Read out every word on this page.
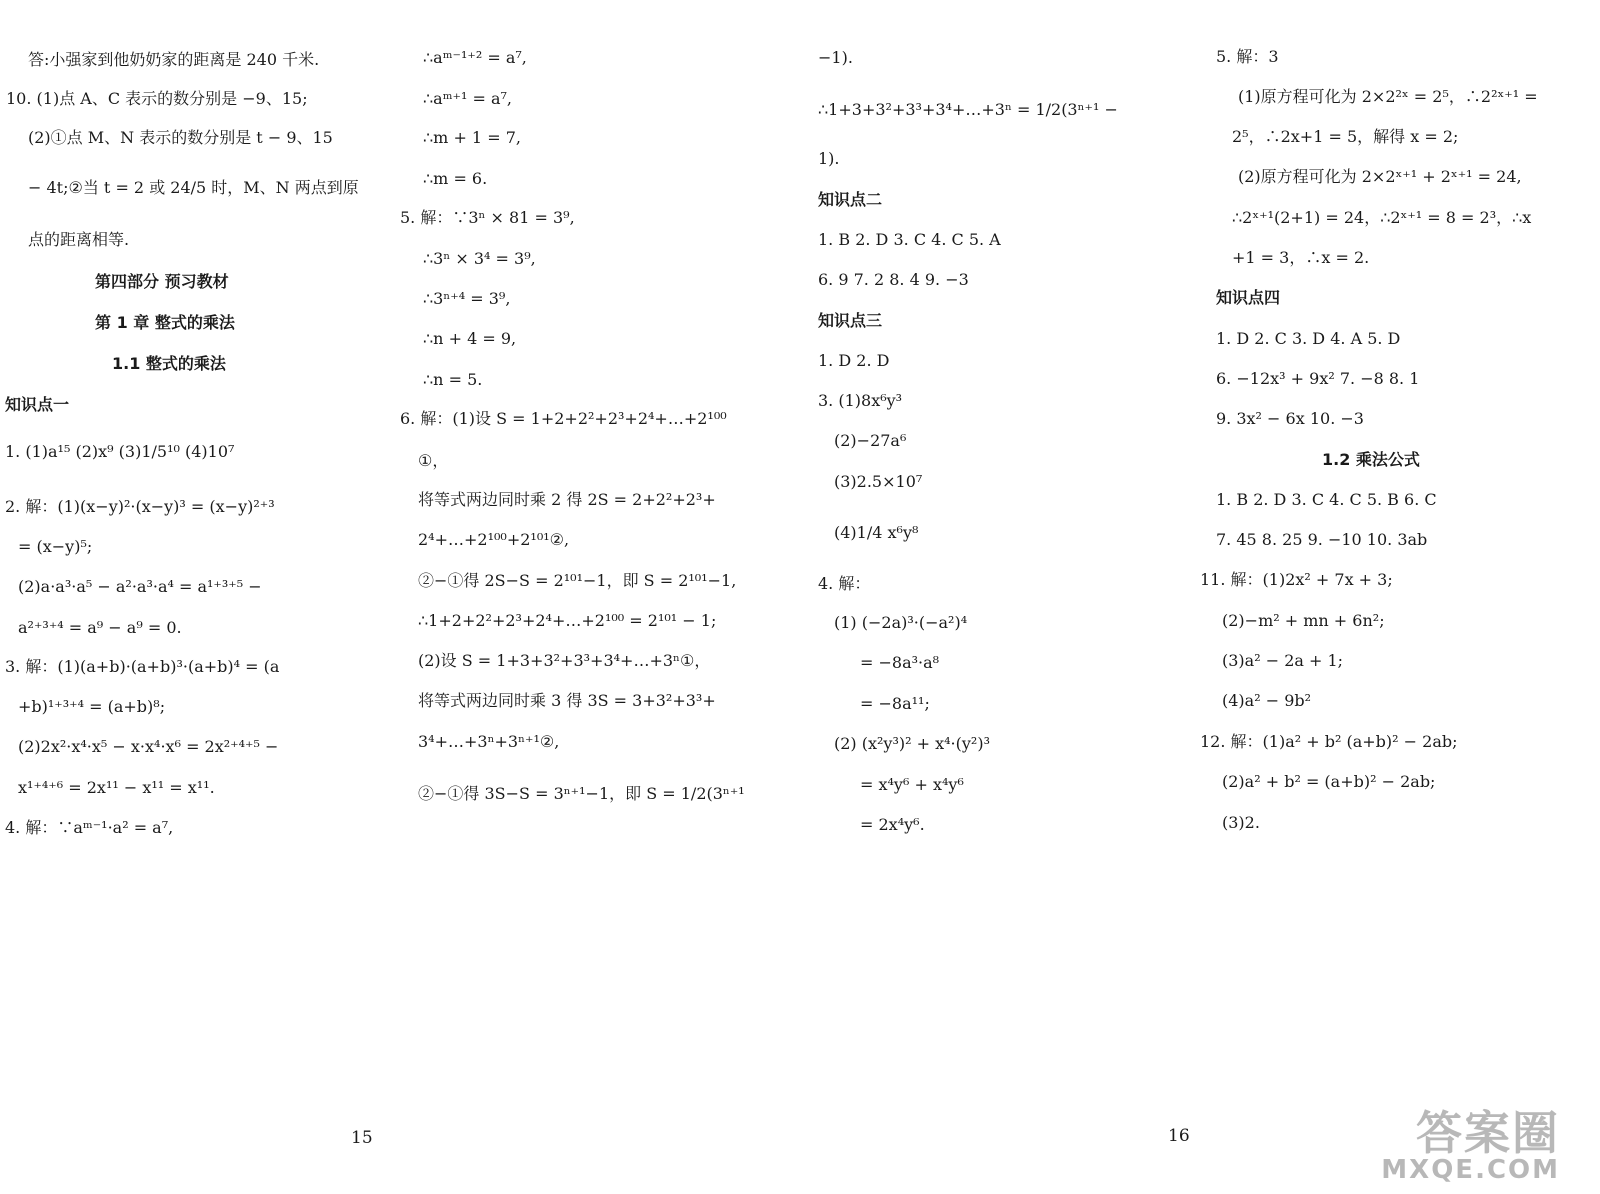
答:小强家到他奶奶家的距离是 240 千米.
10. (1)点 A、C 表示的数分别是 −9、15;
(2)①点 M、N 表示的数分别是 t − 9、15
− 4t;②当 t = 2 或 24/5 时，M、N 两点到原
点的距离相等.
第四部分 预习教材
第 1 章 整式的乘法
1.1 整式的乘法
知识点一
1. (1)a¹⁵ (2)x⁹ (3)1/5¹⁰ (4)10⁷
2. 解：(1)(x−y)²·(x−y)³ = (x−y)²⁺³
= (x−y)⁵;
(2)a·a³·a⁵ − a²·a³·a⁴ = a¹⁺³⁺⁵ −
a²⁺³⁺⁴ = a⁹ − a⁹ = 0.
3. 解：(1)(a+b)·(a+b)³·(a+b)⁴ = (a
+b)¹⁺³⁺⁴ = (a+b)⁸;
(2)2x²·x⁴·x⁵ − x·x⁴·x⁶ = 2x²⁺⁴⁺⁵ −
x¹⁺⁴⁺⁶ = 2x¹¹ − x¹¹ = x¹¹.
4. 解：∵aᵐ⁻¹·a² = a⁷,
∴aᵐ⁻¹⁺² = a⁷,
∴aᵐ⁺¹ = a⁷,
∴m + 1 = 7,
∴m = 6.
5. 解：∵3ⁿ × 81 = 3⁹,
∴3ⁿ × 3⁴ = 3⁹,
∴3ⁿ⁺⁴ = 3⁹,
∴n + 4 = 9,
∴n = 5.
6. 解：(1)设 S = 1+2+2²+2³+2⁴+…+2¹⁰⁰
①，
将等式两边同时乘 2 得 2S = 2+2²+2³+
2⁴+…+2¹⁰⁰+2¹⁰¹②,
②−①得 2S−S = 2¹⁰¹−1，即 S = 2¹⁰¹−1,
∴1+2+2²+2³+2⁴+…+2¹⁰⁰ = 2¹⁰¹ − 1;
(2)设 S = 1+3+3²+3³+3⁴+…+3ⁿ①，
将等式两边同时乘 3 得 3S = 3+3²+3³+
3⁴+…+3ⁿ+3ⁿ⁺¹②,
②−①得 3S−S = 3ⁿ⁺¹−1，即 S = 1/2(3ⁿ⁺¹
−1).
∴1+3+3²+3³+3⁴+…+3ⁿ = 1/2(3ⁿ⁺¹ −
1).
知识点二
1. B 2. D 3. C 4. C 5. A
6. 9 7. 2 8. 4 9. −3
知识点三
1. D 2. D
3. (1)8x⁶y³
(2)−27a⁶
(3)2.5×10⁷
(4)1/4 x⁶y⁸
4. 解：
(1) (−2a)³·(−a²)⁴
= −8a³·a⁸
= −8a¹¹;
(2) (x²y³)² + x⁴·(y²)³
= x⁴y⁶ + x⁴y⁶
= 2x⁴y⁶.
5. 解：3
(1)原方程可化为 2×2²ˣ = 2⁵，∴2²ˣ⁺¹ =
2⁵，∴2x+1 = 5，解得 x = 2;
(2)原方程可化为 2×2ˣ⁺¹ + 2ˣ⁺¹ = 24,
∴2ˣ⁺¹(2+1) = 24，∴2ˣ⁺¹ = 8 = 2³，∴x
+1 = 3，∴x = 2.
知识点四
1. D 2. C 3. D 4. A 5. D
6. −12x³ + 9x² 7. −8 8. 1
9. 3x² − 6x 10. −3
1.2 乘法公式
1. B 2. D 3. C 4. C 5. B 6. C
7. 45 8. 25 9. −10 10. 3ab
11. 解：(1)2x² + 7x + 3;
(2)−m² + mn + 6n²;
(3)a² − 2a + 1;
(4)a² − 9b²
12. 解：(1)a² + b² (a+b)² − 2ab;
(2)a² + b² = (a+b)² − 2ab;
(3)2.
15	16	答案圈
MXQE.COM
